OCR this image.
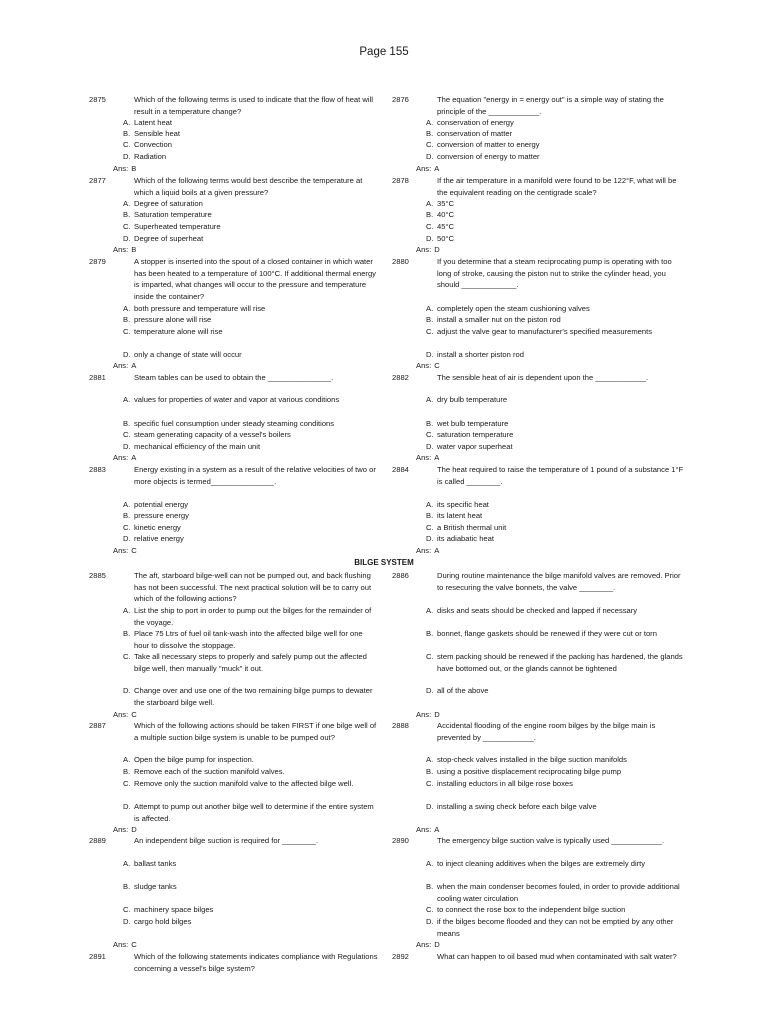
Page 155
BILGE SYSTEM
2875	Which of the following terms is used to indicate that the flow of heat will result in a temperature change?
A. Latent heat
B. Sensible heat
C. Convection
D. Radiation
Ans: B
2876	The equation "energy in = energy out" is a simple way of stating the principle of the ____________.
A. conservation of energy
B. conservation of matter
C. conversion of matter to energy
D. conversion of energy to matter
Ans: A
2877	Which of the following terms would best describe the temperature at which a liquid boils at a given pressure?
A. Degree of saturation
B. Saturation temperature
C. Superheated temperature
D. Degree of superheat
Ans: B
2878	If the air temperature in a manifold were found to be 122°F, what will be the equivalent reading on the centigrade scale?
A. 35°C
B. 40°C
C. 45°C
D. 50°C
Ans: D
2879	A stopper is inserted into the spout of a closed container in which water has been heated to a temperature of 100°C. If additional thermal energy is imparted, what changes will occur to the pressure and temperature inside the container?
A. both pressure and temperature will rise
B. pressure alone will rise
C. temperature alone will rise
D. only a change of state will occur
Ans: A
2880	If you determine that a steam reciprocating pump is operating with too long of stroke, causing the piston nut to strike the cylinder head, you should _____________.
A. completely open the steam cushioning valves
B. install a smaller nut on the piston rod
C. adjust the valve gear to manufacturer's specified measurements
D. install a shorter piston rod
Ans: C
2881	Steam tables can be used to obtain the _______________.
A. values for properties of water and vapor at various conditions
B. specific fuel consumption under steady steaming conditions
C. steam generating capacity of a vessel's boilers
D. mechanical efficiency of the main unit
Ans: A
2882	The sensible heat of air is dependent upon the ____________.
A. dry bulb temperature
B. wet bulb temperature
C. saturation temperature
D. water vapor superheat
Ans: A
2883	Energy existing in a system as a result of the relative velocities of two or more objects is termed_______________.
A. potential energy
B. pressure energy
C. kinetic energy
D. relative energy
Ans: C
2884	The heat required to raise the temperature of 1 pound of a substance 1°F is called ________.
A. its specific heat
B. its latent heat
C. a British thermal unit
D. its adiabatic heat
Ans: A
2885	The aft, starboard bilge-well can not be pumped out, and back flushing has not been successful. The next practical solution will be to carry out which of the following actions?
A. List the ship to port in order to pump out the bilges for the remainder of the voyage.
B. Place 75 Ltrs of fuel oil tank-wash into the affected bilge well for one hour to dissolve the stoppage.
C. Take all necessary steps to properly and safely pump out the affected bilge well, then manually "muck" it out.
D. Change over and use one of the two remaining bilge pumps to dewater the starboard bilge well.
Ans: C
2886	During routine maintenance the bilge manifold valves are removed. Prior to resecuring the valve bonnets, the valve ________.
A. disks and seats should be checked and lapped if necessary
B. bonnet, flange gaskets should be renewed if they were cut or torn
C. stem packing should be renewed if the packing has hardened, the glands have bottomed out, or the glands cannot be tightened
D. all of the above
Ans: D
2887	Which of the following actions should be taken FIRST if one bilge well of a multiple suction bilge system is unable to be pumped out?
A. Open the bilge pump for inspection.
B. Remove each of the suction manifold valves.
C. Remove only the suction manifold valve to the affected bilge well.
D. Attempt to pump out another bilge well to determine if the entire system is affected.
Ans: D
2888	Accidental flooding of the engine room bilges by the bilge main is prevented by ____________.
A. stop-check valves installed in the bilge suction manifolds
B. using a positive displacement reciprocating bilge pump
C. installing eductors in all bilge rose boxes
D. installing a swing check before each bilge valve
Ans: A
2889	An independent bilge suction is required for ________.
A. ballast tanks
B. sludge tanks
C. machinery space bilges
D. cargo hold bilges
Ans: C
2890	The emergency bilge suction valve is typically used ____________.
A. to inject cleaning additives when the bilges are extremely dirty
B. when the main condenser becomes fouled, in order to provide additional cooling water circulation
C. to connect the rose box to the independent bilge suction
D. if the bilges become flooded and they can not be emptied by any other means
Ans: D
2891	Which of the following statements indicates compliance with Regulations concerning a vessel's bilge system?
2892	What can happen to oil based mud when contaminated with salt water?
